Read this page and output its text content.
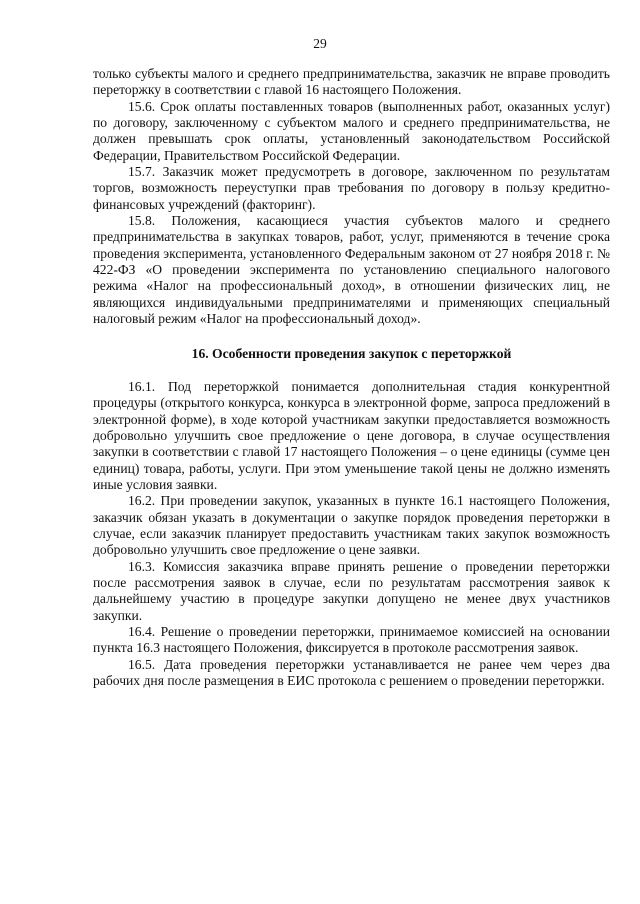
29

только субъекты малого и среднего предпринимательства, заказчик не вправе проводить переторжку в соответствии с главой 16 настоящего Положения.

15.6. Срок оплаты поставленных товаров (выполненных работ, оказанных услуг) по договору, заключенному с субъектом малого и среднего предпринимательства, не должен превышать срок оплаты, установленный законодательством Российской Федерации, Правительством Российской Федерации.

15.7. Заказчик может предусмотреть в договоре, заключенном по результатам торгов, возможность переуступки прав требования по договору в пользу кредитно-финансовых учреждений (факторинг).

15.8. Положения, касающиеся участия субъектов малого и среднего предпринимательства в закупках товаров, работ, услуг, применяются в течение срока проведения эксперимента, установленного Федеральным законом от 27 ноября 2018 г. № 422-ФЗ «О проведении эксперимента по установлению специального налогового режима «Налог на профессиональный доход», в отношении физических лиц, не являющихся индивидуальными предпринимателями и применяющих специальный налоговый режим «Налог на профессиональный доход».

16. Особенности проведения закупок с переторжкой

16.1. Под переторжкой понимается дополнительная стадия конкурентной процедуры (открытого конкурса, конкурса в электронной форме, запроса предложений в электронной форме), в ходе которой участникам закупки предоставляется возможность добровольно улучшить свое предложение о цене договора, в случае осуществления закупки в соответствии с главой 17 настоящего Положения – о цене единицы (сумме цен единиц) товара, работы, услуги. При этом уменьшение такой цены не должно изменять иные условия заявки.

16.2. При проведении закупок, указанных в пункте 16.1 настоящего Положения, заказчик обязан указать в документации о закупке порядок проведения переторжки в случае, если заказчик планирует предоставить участникам таких закупок возможность добровольно улучшить свое предложение о цене заявки.

16.3. Комиссия заказчика вправе принять решение о проведении переторжки после рассмотрения заявок в случае, если по результатам рассмотрения заявок к дальнейшему участию в процедуре закупки допущено не менее двух участников закупки.

16.4. Решение о проведении переторжки, принимаемое комиссией на основании пункта 16.3 настоящего Положения, фиксируется в протоколе рассмотрения заявок.

16.5. Дата проведения переторжки устанавливается не ранее чем через два рабочих дня после размещения в ЕИС протокола с решением о проведении переторжки.
